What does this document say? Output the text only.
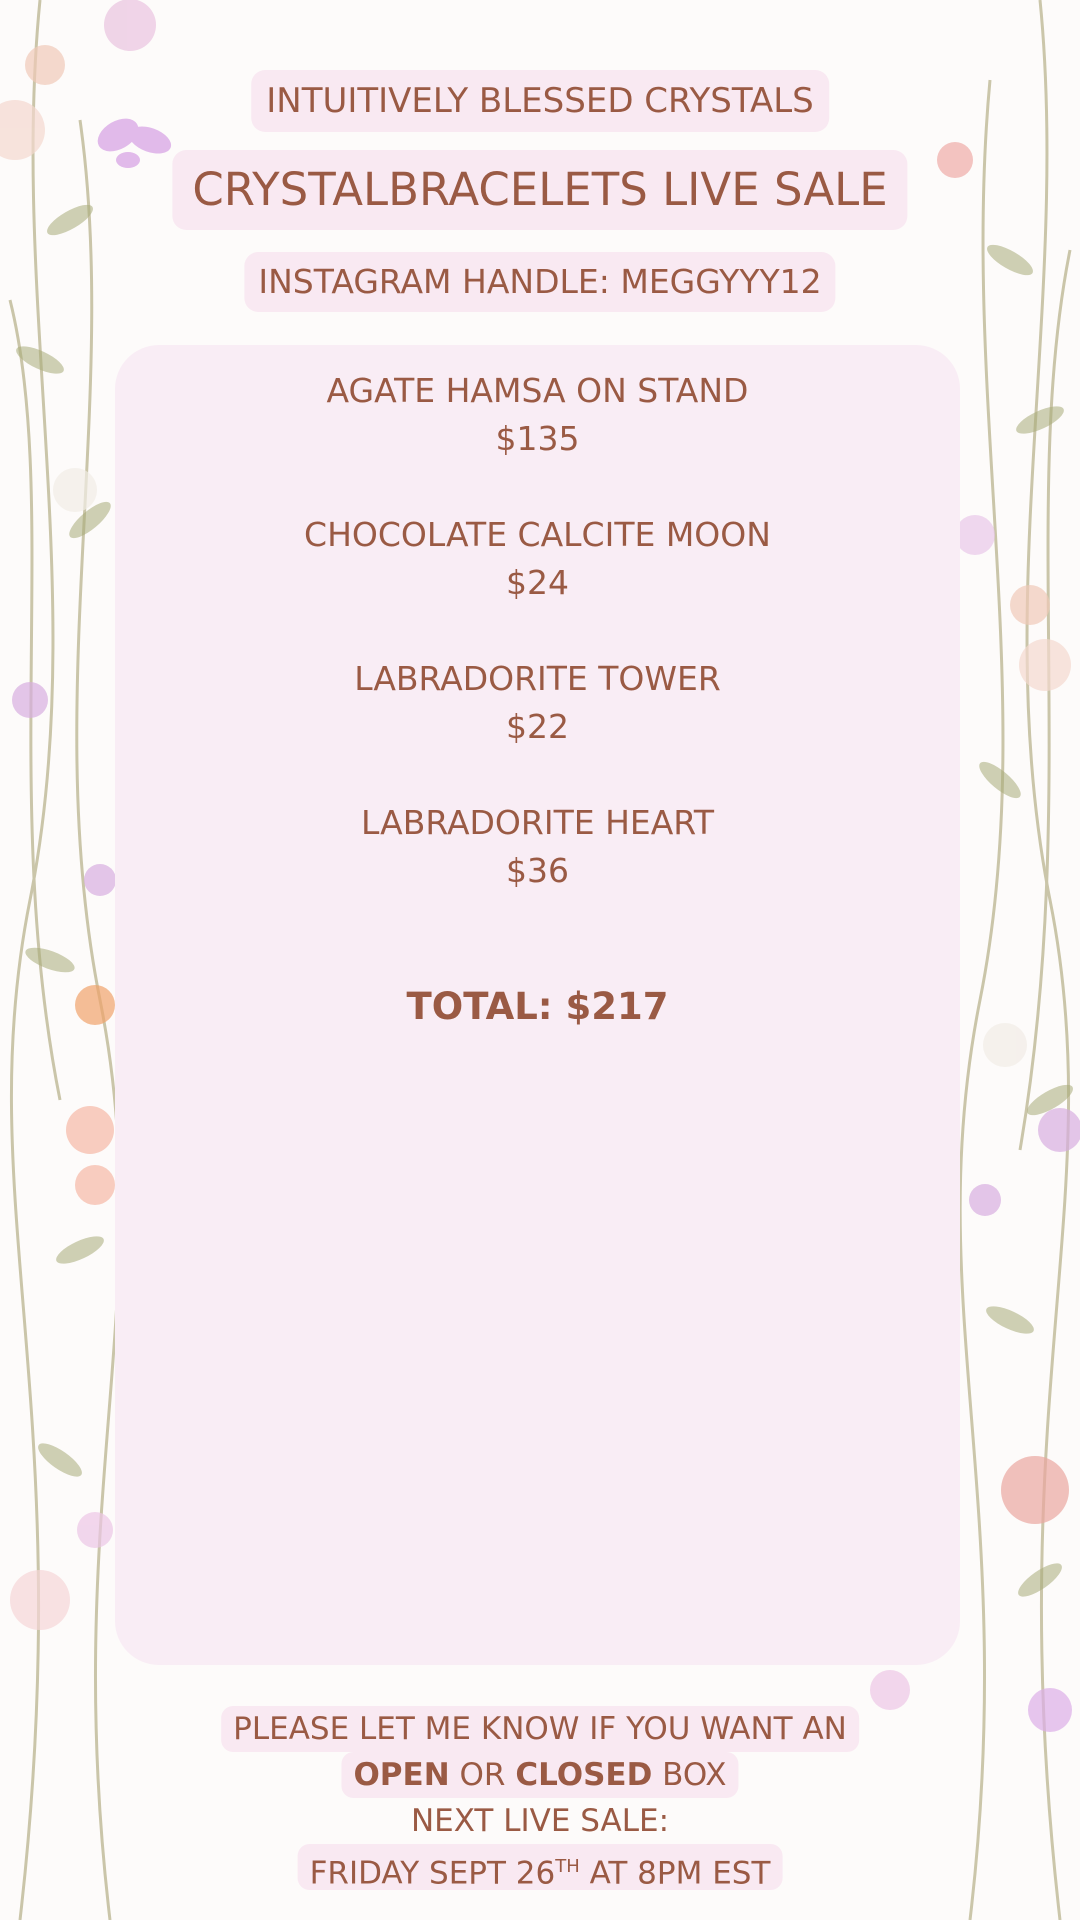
INTUITIVELY BLESSED CRYSTALS
CRYSTALBRACELETS LIVE SALE
INSTAGRAM HANDLE: MEGGYYY12
AGATE HAMSA ON STAND
$135
CHOCOLATE CALCITE MOON
$24
LABRADORITE TOWER
$22
LABRADORITE HEART
$36
TOTAL: $217
PLEASE LET ME KNOW IF YOU WANT AN
OPEN OR CLOSED BOX
NEXT LIVE SALE:
FRIDAY SEPT 26TH AT 8PM EST
